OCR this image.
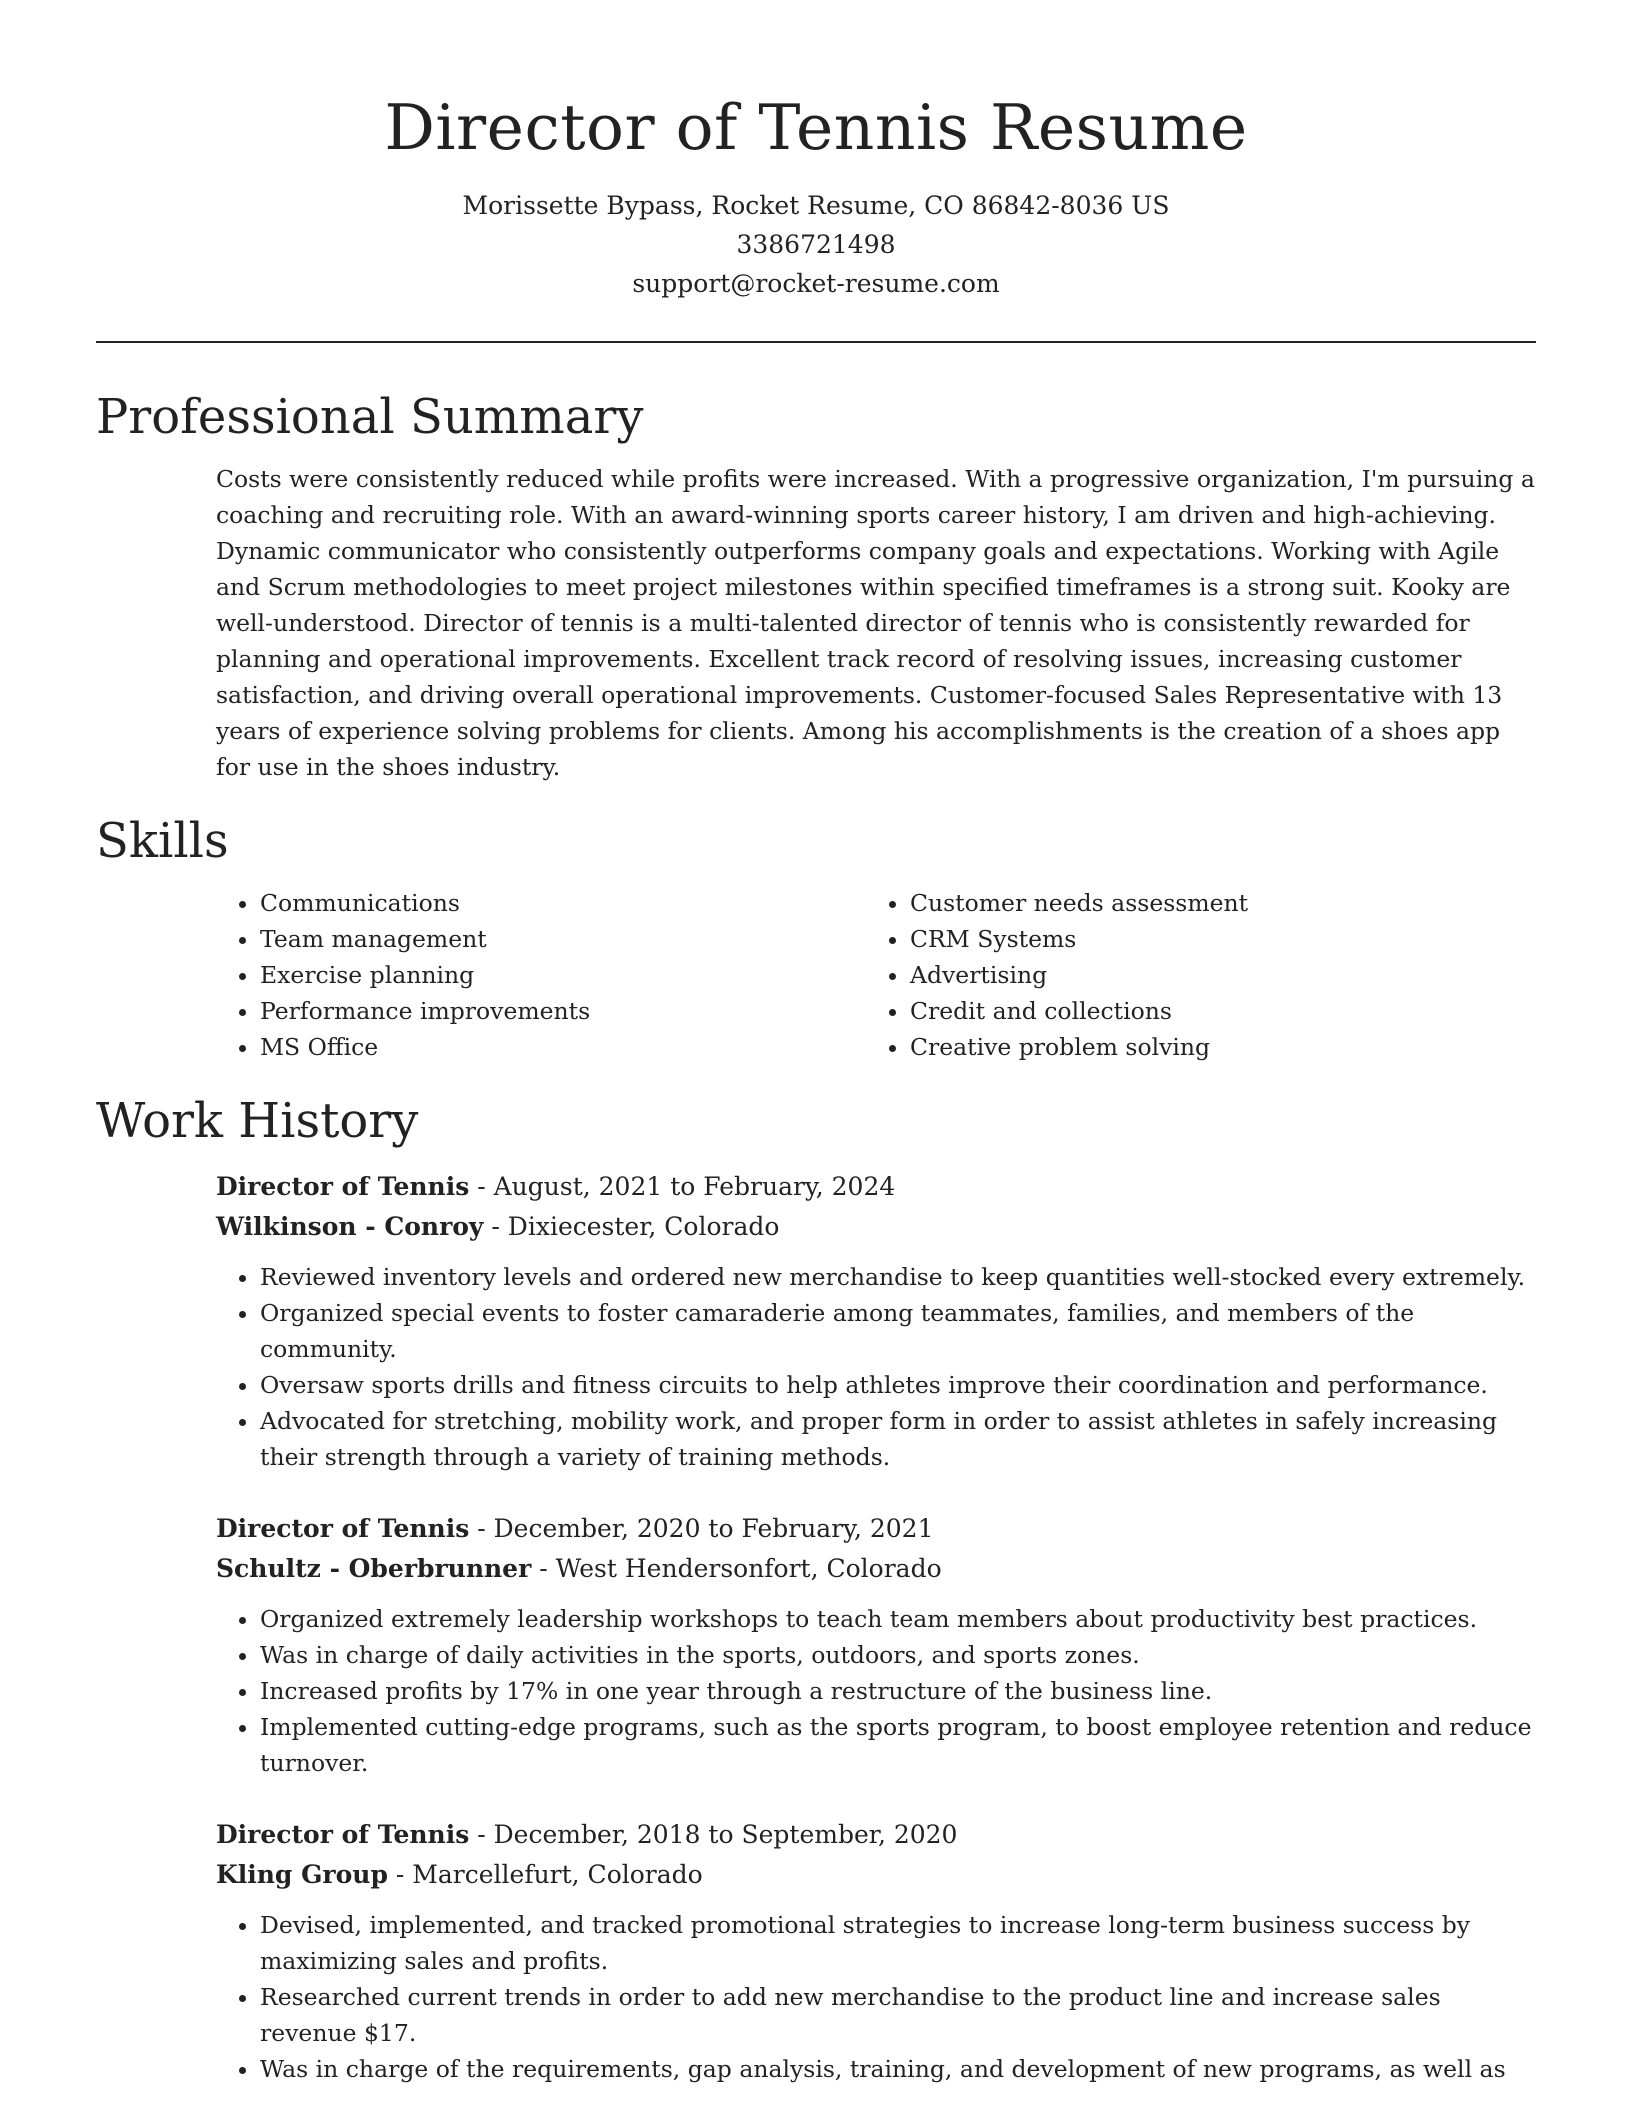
Director of Tennis Resume
Morissette Bypass, Rocket Resume, CO 86842-8036 US
3386721498
support@rocket-resume.com
Professional Summary

Costs were consistently reduced while profits were increased. With a progressive organization, I'm pursuing a coaching and recruiting role. With an award-winning sports career history, I am driven and high-achieving. Dynamic communicator who consistently outperforms company goals and expectations. Working with Agile and Scrum methodologies to meet project milestones within specified timeframes is a strong suit. Kooky are well-understood. Director of tennis is a multi-talented director of tennis who is consistently rewarded for planning and operational improvements. Excellent track record of resolving issues, increasing customer satisfaction, and driving overall operational improvements. Customer-focused Sales Representative with 13 years of experience solving problems for clients. Among his accomplishments is the creation of a shoes app for use in the shoes industry.

Skills
• Communications
• Team management
• Exercise planning
• Performance improvements
• MS Office
• Customer needs assessment
• CRM Systems
• Advertising
• Credit and collections
• Creative problem solving
Work History
Director of Tennis - August, 2021 to February, 2024
Wilkinson - Conroy - Dixiecester, Colorado
• Reviewed inventory levels and ordered new merchandise to keep quantities well-stocked every extremely.
• Organized special events to foster camaraderie among teammates, families, and members of the community.
• Oversaw sports drills and fitness circuits to help athletes improve their coordination and performance.
• Advocated for stretching, mobility work, and proper form in order to assist athletes in safely increasing their strength through a variety of training methods.
Director of Tennis - December, 2020 to February, 2021
Schultz - Oberbrunner - West Hendersonfort, Colorado
• Organized extremely leadership workshops to teach team members about productivity best practices.
• Was in charge of daily activities in the sports, outdoors, and sports zones.
• Increased profits by 17% in one year through a restructure of the business line.
• Implemented cutting-edge programs, such as the sports program, to boost employee retention and reduce turnover.
Director of Tennis - December, 2018 to September, 2020
Kling Group - Marcellefurt, Colorado
• Devised, implemented, and tracked promotional strategies to increase long-term business success by maximizing sales and profits.
• Researched current trends in order to add new merchandise to the product line and increase sales revenue $17.
• Was in charge of the requirements, gap analysis, training, and development of new programs, as well as
